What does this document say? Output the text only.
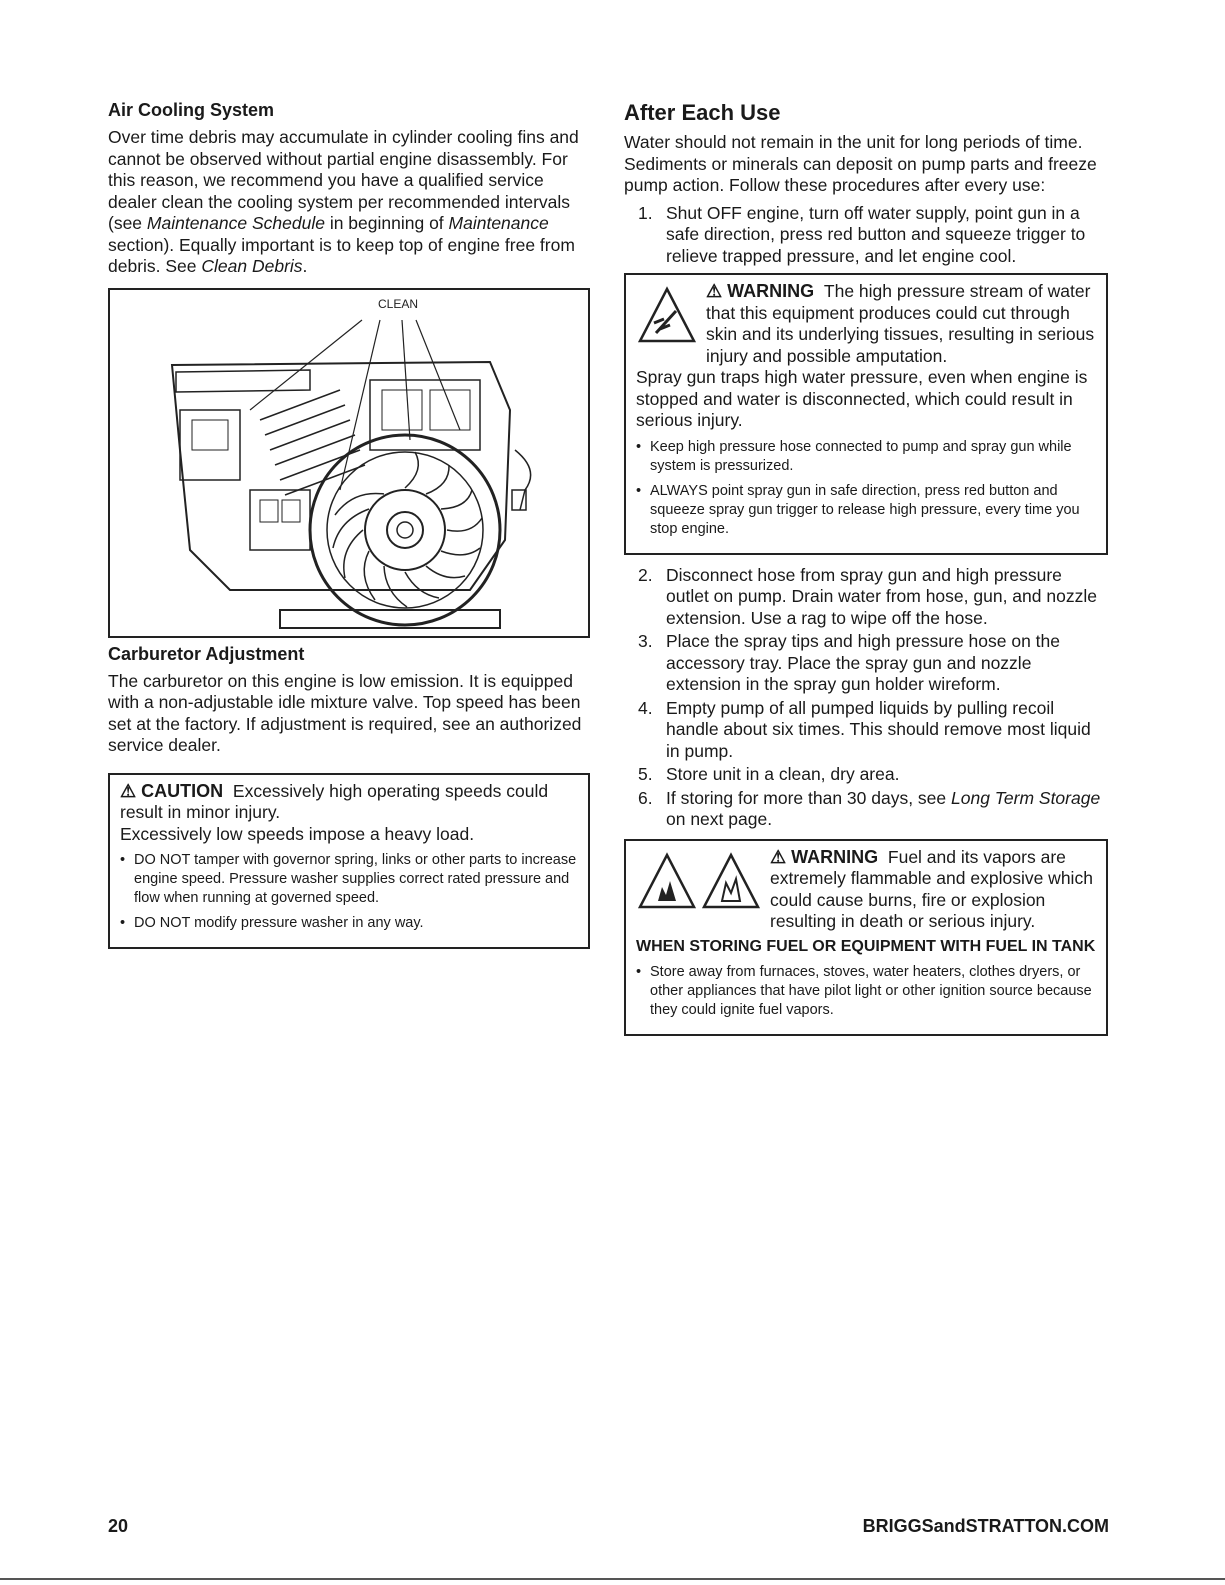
Air Cooling System

Over time debris may accumulate in cylinder cooling fins and cannot be observed without partial engine disassembly. For this reason, we recommend you have a qualified service dealer clean the cooling system per recommended intervals (see Maintenance Schedule in beginning of Maintenance section). Equally important is to keep top of engine free from debris. See Clean Debris.

CLEAN
Carburetor Adjustment

The carburetor on this engine is low emission. It is equipped with a non-adjustable idle mixture valve. Top speed has been set at the factory. If adjustment is required, see an authorized service dealer.

⚠ CAUTION Excessively high operating speeds could result in minor injury.

Excessively low speeds impose a heavy load.

• DO NOT tamper with governor spring, links or other parts to increase engine speed. Pressure washer supplies correct rated pressure and flow when running at governed speed.
• DO NOT modify pressure washer in any way.
After Each Use

Water should not remain in the unit for long periods of time. Sediments or minerals can deposit on pump parts and freeze pump action. Follow these procedures after every use:

1. Shut OFF engine, turn off water supply, point gun in a safe direction, press red button and squeeze trigger to relieve trapped pressure, and let engine cool.

⚠ WARNING The high pressure stream of water that this equipment produces could cut through skin and its underlying tissues, resulting in serious injury and possible amputation.

Spray gun traps high water pressure, even when engine is stopped and water is disconnected, which could result in serious injury.

• Keep high pressure hose connected to pump and spray gun while system is pressurized.
• ALWAYS point spray gun in safe direction, press red button and squeeze spray gun trigger to release high pressure, every time you stop engine.
2. Disconnect hose from spray gun and high pressure outlet on pump. Drain water from hose, gun, and nozzle extension. Use a rag to wipe off the hose.
3. Place the spray tips and high pressure hose on the accessory tray. Place the spray gun and nozzle extension in the spray gun holder wireform.
4. Empty pump of all pumped liquids by pulling recoil handle about six times. This should remove most liquid in pump.
5. Store unit in a clean, dry area.
6. If storing for more than 30 days, see Long Term Storage on next page.

⚠ WARNING Fuel and its vapors are extremely flammable and explosive which could cause burns, fire or explosion resulting in death or serious injury.

WHEN STORING FUEL OR EQUIPMENT WITH FUEL IN TANK
• Store away from furnaces, stoves, water heaters, clothes dryers, or other appliances that have pilot light or other ignition source because they could ignite fuel vapors.
20	BRIGGSandSTRATTON.COM
